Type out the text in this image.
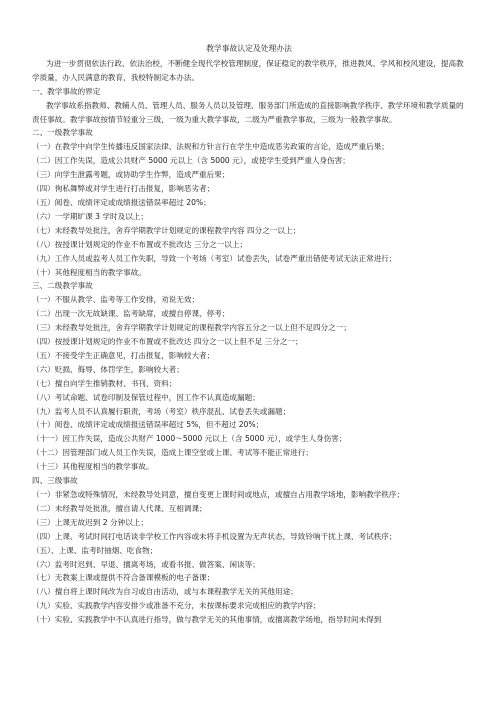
教学事故认定及处理办法

为进一步贯彻依法行政、依法治校，不断健全现代学校管理制度，保证稳定的教学秩序，推进教风、学风和校风建设，提高教学质量，办人民满意的教育，我校特制定本办法。

一、教学事故的界定

教学事故系指教师、教辅人员、管理人员、服务人员以及管理、服务部门所造成的直接影响教学秩序、教学环境和教学质量的责任事故。教学事故按情节轻重分三级，一级为重大教学事故，二级为严重教学事故，三级为一般教学事故。

二、一级教学事故

（一）在教学中向学生传播违反国家法律、法规和方针言行在学生中造成恶劣政策的言论，造成严重后果；

（二）因工作失误，造成公共财产 5000 元以上（含 5000 元），或使学生受到严重人身伤害；

（三）向学生泄露考题，或协助学生作弊，造成严重后果；

（四）徇私舞弊或对学生进行打击报复，影响恶劣者；

（五）阅卷、成绩评定或成绩报送错误率超过 20%；

（六）一学期旷课 3 学时及以上；

（七）未经教导处批注，舍弃学期教学计划规定的课程教学内容 四分之一以上；

（八）按授课计划规定的作业不布置或不批改达 三分之一以上；

（九）工作人员或监考人员工作失职，导致一个考场（考室）试卷丢失，试卷严重出错使考试无法正常进行；

（十）其他程度相当的教学事故。

三、二级教学事故

（一）不服从教学、监考等工作安排，劝说无效；

（二）出现一次无故缺课、监考缺席，或擅自停课、停考；

（三）未经教导处批注，舍弃学期教学计划规定的课程教学内容五分之一以上但不足四分之一；

（四）按授课计划规定的作业不布置或不批改达 四分之一以上但不足 三分之一；

（五）不接受学生正确意见，打击报复，影响较大者；

（六）贬损、侮辱、体罚学生，影响较大者；

（七）擅自向学生推销教材、书刊、资料；

（八）考试命题、试卷印制及保管过程中，因工作不认真造成漏题；

（九）监考人员不认真履行职责，考场（考室）秩序混乱、试卷丢失或漏题；

（十）阅卷、成绩评定或成绩报送错误率超过 5%，但不超过 20%；

（十一）因工作失误，造成公共财产 1000～5000 元以上（含 5000 元），或学生人身伤害；

（十二）因管理部门或人员工作失误，造成上课空堂或上课、考试等不能正常进行；

（十三）其他程度相当的教学事故。

四、三级事故

（一）非紧急或特殊情况，未经教导处同意，擅自变更上课时间或地点，或擅自占用教学场地，影响教学秩序；

（二）未经教导处批准，擅自请人代课、互相调课；

（三）上课无故迟到 2 分钟以上；

（四）上课、考试时间打电话谈非学校工作内容或未将手机设置为无声状态，导致铃响干扰上课、考试秩序；

（五）、上课、监考时抽烟、吃食物；

（六）监考时迟到、早退、擅离考场，或看书报、做答案、闲谈等；

（七）无教案上课或提供不符合备课模板的电子备课；

（八）擅自将上课时间改为自习或自由活动，或与本课程教学无关的其他用途；

（九）实验、实践教学内容安排少或准备不充分，未按课标要求完成相应的教学内容；

（十）实验、实践教学中不认真进行指导，做与教学无关的其他事情，或擅离教学场地，指导时间未得到
